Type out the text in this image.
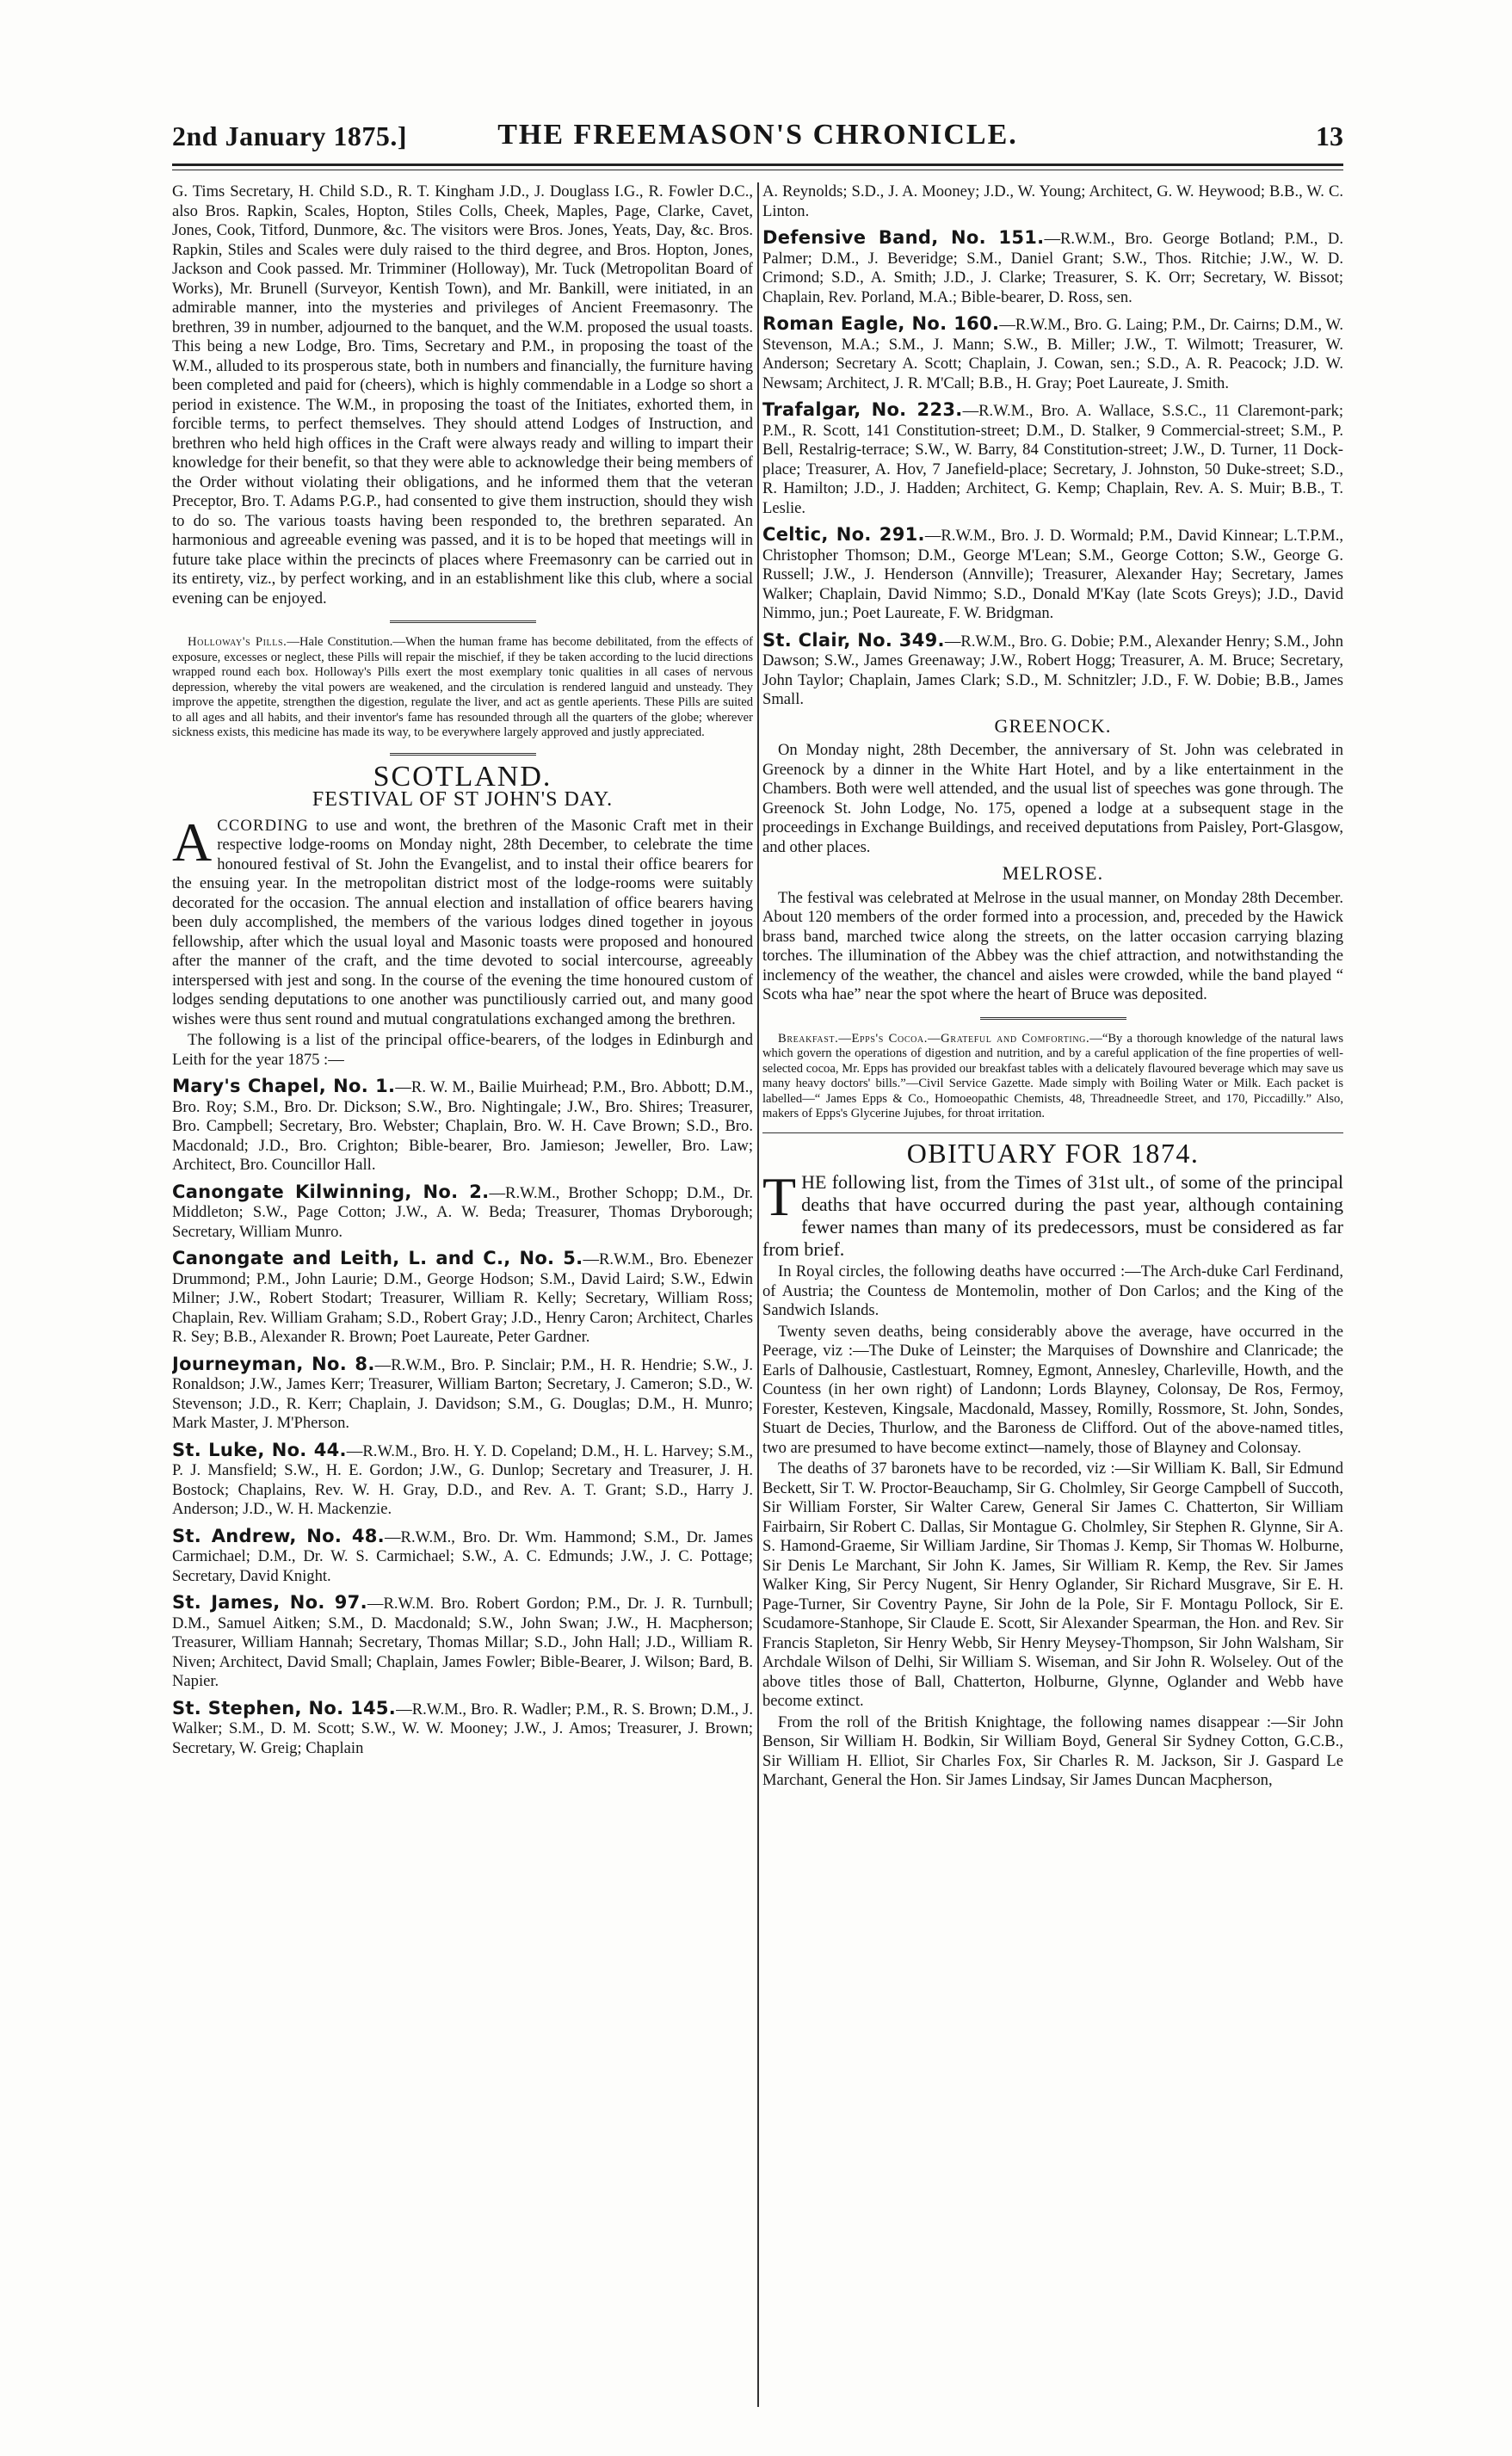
2nd January 1875.]	THE FREEMASON'S CHRONICLE.	13

G. Tims Secretary, H. Child S.D., R. T. Kingham J.D., J. Douglass I.G., R. Fowler D.C., also Bros. Rapkin, Scales, Hopton, Stiles Colls, Cheek, Maples, Page, Clarke, Cavet, Jones, Cook, Titford, Dunmore, &c. The visitors were Bros. Jones, Yeats, Day, &c. Bros. Rapkin, Stiles and Scales were duly raised to the third degree, and Bros. Hopton, Jones, Jackson and Cook passed. Mr. Trimminer (Holloway), Mr. Tuck (Metropolitan Board of Works), Mr. Brunell (Surveyor, Kentish Town), and Mr. Bankill, were initiated, in an admirable manner, into the mysteries and privileges of Ancient Freemasonry. The brethren, 39 in number, adjourned to the banquet, and the W.M. proposed the usual toasts. This being a new Lodge, Bro. Tims, Secretary and P.M., in proposing the toast of the W.M., alluded to its prosperous state, both in numbers and financially, the furniture having been completed and paid for (cheers), which is highly commendable in a Lodge so short a period in existence. The W.M., in proposing the toast of the Initiates, exhorted them, in forcible terms, to perfect themselves. They should attend Lodges of Instruction, and brethren who held high offices in the Craft were always ready and willing to impart their knowledge for their benefit, so that they were able to acknowledge their being members of the Order without violating their obligations, and he informed them that the veteran Preceptor, Bro. T. Adams P.G.P., had consented to give them instruction, should they wish to do so. The various toasts having been responded to, the brethren separated. An harmonious and agreeable evening was passed, and it is to be hoped that meetings will in future take place within the precincts of places where Freemasonry can be carried out in its entirety, viz., by perfect working, and in an establishment like this club, where a social evening can be enjoyed.

Holloway's Pills.—Hale Constitution.—When the human frame has become debilitated, from the effects of exposure, excesses or neglect, these Pills will repair the mischief, if they be taken according to the lucid directions wrapped round each box. Holloway's Pills exert the most exemplary tonic qualities in all cases of nervous depression, whereby the vital powers are weakened, and the circulation is rendered languid and unsteady. They improve the appetite, strengthen the digestion, regulate the liver, and act as gentle aperients. These Pills are suited to all ages and all habits, and their inventor's fame has resounded through all the quarters of the globe; wherever sickness exists, this medicine has made its way, to be everywhere largely approved and justly appreciated.

SCOTLAND.
FESTIVAL OF ST JOHN'S DAY.

ACCORDING to use and wont, the brethren of the Masonic Craft met in their respective lodge-rooms on Monday night, 28th December, to celebrate the time honoured festival of St. John the Evangelist, and to instal their office bearers for the ensuing year. In the metropolitan district most of the lodge-rooms were suitably decorated for the occasion. The annual election and installation of office bearers having been duly accomplished, the members of the various lodges dined together in joyous fellowship, after which the usual loyal and Masonic toasts were proposed and honoured after the manner of the craft, and the time devoted to social intercourse, agreeably interspersed with jest and song. In the course of the evening the time honoured custom of lodges sending deputations to one another was punctiliously carried out, and many good wishes were thus sent round and mutual congratulations exchanged among the brethren.

The following is a list of the principal office-bearers, of the lodges in Edinburgh and Leith for the year 1875 :—

Mary's Chapel, No. 1.—R. W. M., Bailie Muirhead; P.M., Bro. Abbott; D.M., Bro. Roy; S.M., Bro. Dr. Dickson; S.W., Bro. Nightingale; J.W., Bro. Shires; Treasurer, Bro. Campbell; Secretary, Bro. Webster; Chaplain, Bro. W. H. Cave Brown; S.D., Bro. Macdonald; J.D., Bro. Crighton; Bible-bearer, Bro. Jamieson; Jeweller, Bro. Law; Architect, Bro. Councillor Hall.

Canongate Kilwinning, No. 2.—R.W.M., Brother Schopp; D.M., Dr. Middleton; S.W., Page Cotton; J.W., A. W. Beda; Treasurer, Thomas Dryborough; Secretary, William Munro.

Canongate and Leith, L. and C., No. 5.—R.W.M., Bro. Ebenezer Drummond; P.M., John Laurie; D.M., George Hodson; S.M., David Laird; S.W., Edwin Milner; J.W., Robert Stodart; Treasurer, William R. Kelly; Secretary, William Ross; Chaplain, Rev. William Graham; S.D., Robert Gray; J.D., Henry Caron; Architect, Charles R. Sey; B.B., Alexander R. Brown; Poet Laureate, Peter Gardner.

Journeyman, No. 8.—R.W.M., Bro. P. Sinclair; P.M., H. R. Hendrie; S.W., J. Ronaldson; J.W., James Kerr; Treasurer, William Barton; Secretary, J. Cameron; S.D., W. Stevenson; J.D., R. Kerr; Chaplain, J. Davidson; S.M., G. Douglas; D.M., H. Munro; Mark Master, J. M'Pherson.

St. Luke, No. 44.—R.W.M., Bro. H. Y. D. Copeland; D.M., H. L. Harvey; S.M., P. J. Mansfield; S.W., H. E. Gordon; J.W., G. Dunlop; Secretary and Treasurer, J. H. Bostock; Chaplains, Rev. W. H. Gray, D.D., and Rev. A. T. Grant; S.D., Harry J. Anderson; J.D., W. H. Mackenzie.

St. Andrew, No. 48.—R.W.M., Bro. Dr. Wm. Hammond; S.M., Dr. James Carmichael; D.M., Dr. W. S. Carmichael; S.W., A. C. Edmunds; J.W., J. C. Pottage; Secretary, David Knight.

St. James, No. 97.—R.W.M. Bro. Robert Gordon; P.M., Dr. J. R. Turnbull; D.M., Samuel Aitken; S.M., D. Macdonald; S.W., John Swan; J.W., H. Macpherson; Treasurer, William Hannah; Secretary, Thomas Millar; S.D., John Hall; J.D., William R. Niven; Architect, David Small; Chaplain, James Fowler; Bible-Bearer, J. Wilson; Bard, B. Napier.

St. Stephen, No. 145.—R.W.M., Bro. R. Wadler; P.M., R. S. Brown; D.M., J. Walker; S.M., D. M. Scott; S.W., W. W. Mooney; J.W., J. Amos; Treasurer, J. Brown; Secretary, W. Greig; Chaplain

A. Reynolds; S.D., J. A. Mooney; J.D., W. Young; Architect, G. W. Heywood; B.B., W. C. Linton.

Defensive Band, No. 151.—R.W.M., Bro. George Botland; P.M., D. Palmer; D.M., J. Beveridge; S.M., Daniel Grant; S.W., Thos. Ritchie; J.W., W. D. Crimond; S.D., A. Smith; J.D., J. Clarke; Treasurer, S. K. Orr; Secretary, W. Bissot; Chaplain, Rev. Porland, M.A.; Bible-bearer, D. Ross, sen.

Roman Eagle, No. 160.—R.W.M., Bro. G. Laing; P.M., Dr. Cairns; D.M., W. Stevenson, M.A.; S.M., J. Mann; S.W., B. Miller; J.W., T. Wilmott; Treasurer, W. Anderson; Secretary A. Scott; Chaplain, J. Cowan, sen.; S.D., A. R. Peacock; J.D. W. Newsam; Architect, J. R. M'Call; B.B., H. Gray; Poet Laureate, J. Smith.

Trafalgar, No. 223.—R.W.M., Bro. A. Wallace, S.S.C., 11 Claremont-park; P.M., R. Scott, 141 Constitution-street; D.M., D. Stalker, 9 Commercial-street; S.M., P. Bell, Restalrig-terrace; S.W., W. Barry, 84 Constitution-street; J.W., D. Turner, 11 Dock-place; Treasurer, A. Hov, 7 Janefield-place; Secretary, J. Johnston, 50 Duke-street; S.D., R. Hamilton; J.D., J. Hadden; Architect, G. Kemp; Chaplain, Rev. A. S. Muir; B.B., T. Leslie.

Celtic, No. 291.—R.W.M., Bro. J. D. Wormald; P.M., David Kinnear; L.T.P.M., Christopher Thomson; D.M., George M'Lean; S.M., George Cotton; S.W., George G. Russell; J.W., J. Henderson (Annville); Treasurer, Alexander Hay; Secretary, James Walker; Chaplain, David Nimmo; S.D., Donald M'Kay (late Scots Greys); J.D., David Nimmo, jun.; Poet Laureate, F. W. Bridgman.

St. Clair, No. 349.—R.W.M., Bro. G. Dobie; P.M., Alexander Henry; S.M., John Dawson; S.W., James Greenaway; J.W., Robert Hogg; Treasurer, A. M. Bruce; Secretary, John Taylor; Chaplain, James Clark; S.D., M. Schnitzler; J.D., F. W. Dobie; B.B., James Small.

GREENOCK.

On Monday night, 28th December, the anniversary of St. John was celebrated in Greenock by a dinner in the White Hart Hotel, and by a like entertainment in the Chambers. Both were well attended, and the usual list of speeches was gone through. The Greenock St. John Lodge, No. 175, opened a lodge at a subsequent stage in the proceedings in Exchange Buildings, and received deputations from Paisley, Port-Glasgow, and other places.

MELROSE.

The festival was celebrated at Melrose in the usual manner, on Monday 28th December. About 120 members of the order formed into a procession, and, preceded by the Hawick brass band, marched twice along the streets, on the latter occasion carrying blazing torches. The illumination of the Abbey was the chief attraction, and notwithstanding the inclemency of the weather, the chancel and aisles were crowded, while the band played “ Scots wha hae” near the spot where the heart of Bruce was deposited.

Breakfast.—Epps's Cocoa.—Grateful and Comforting.—“By a thorough knowledge of the natural laws which govern the operations of digestion and nutrition, and by a careful application of the fine properties of well-selected cocoa, Mr. Epps has provided our breakfast tables with a delicately flavoured beverage which may save us many heavy doctors' bills.”—Civil Service Gazette. Made simply with Boiling Water or Milk. Each packet is labelled—“ James Epps & Co., Homoeopathic Chemists, 48, Threadneedle Street, and 170, Piccadilly.” Also, makers of Epps's Glycerine Jujubes, for throat irritation.

OBITUARY FOR 1874.

THE following list, from the Times of 31st ult., of some of the principal deaths that have occurred during the past year, although containing fewer names than many of its predecessors, must be considered as far from brief.

In Royal circles, the following deaths have occurred :—The Arch-duke Carl Ferdinand, of Austria; the Countess de Montemolin, mother of Don Carlos; and the King of the Sandwich Islands.

Twenty seven deaths, being considerably above the average, have occurred in the Peerage, viz :—The Duke of Leinster; the Marquises of Downshire and Clanricade; the Earls of Dalhousie, Castlestuart, Romney, Egmont, Annesley, Charleville, Howth, and the Countess (in her own right) of Landonn; Lords Blayney, Colonsay, De Ros, Fermoy, Forester, Kesteven, Kingsale, Macdonald, Massey, Romilly, Rossmore, St. John, Sondes, Stuart de Decies, Thurlow, and the Baroness de Clifford. Out of the above-named titles, two are presumed to have become extinct—namely, those of Blayney and Colonsay.

The deaths of 37 baronets have to be recorded, viz :—Sir William K. Ball, Sir Edmund Beckett, Sir T. W. Proctor-Beauchamp, Sir G. Cholmley, Sir George Campbell of Succoth, Sir William Forster, Sir Walter Carew, General Sir James C. Chatterton, Sir William Fairbairn, Sir Robert C. Dallas, Sir Montague G. Cholmley, Sir Stephen R. Glynne, Sir A. S. Hamond-Graeme, Sir William Jardine, Sir Thomas J. Kemp, Sir Thomas W. Holburne, Sir Denis Le Marchant, Sir John K. James, Sir William R. Kemp, the Rev. Sir James Walker King, Sir Percy Nugent, Sir Henry Oglander, Sir Richard Musgrave, Sir E. H. Page-Turner, Sir Coventry Payne, Sir John de la Pole, Sir F. Montagu Pollock, Sir E. Scudamore-Stanhope, Sir Claude E. Scott, Sir Alexander Spearman, the Hon. and Rev. Sir Francis Stapleton, Sir Henry Webb, Sir Henry Meysey-Thompson, Sir John Walsham, Sir Archdale Wilson of Delhi, Sir William S. Wiseman, and Sir John R. Wolseley. Out of the above titles those of Ball, Chatterton, Holburne, Glynne, Oglander and Webb have become extinct.

From the roll of the British Knightage, the following names disappear :—Sir John Benson, Sir William H. Bodkin, Sir William Boyd, General Sir Sydney Cotton, G.C.B., Sir William H. Elliot, Sir Charles Fox, Sir Charles R. M. Jackson, Sir J. Gaspard Le Marchant, General the Hon. Sir James Lindsay, Sir James Duncan Macpherson,
